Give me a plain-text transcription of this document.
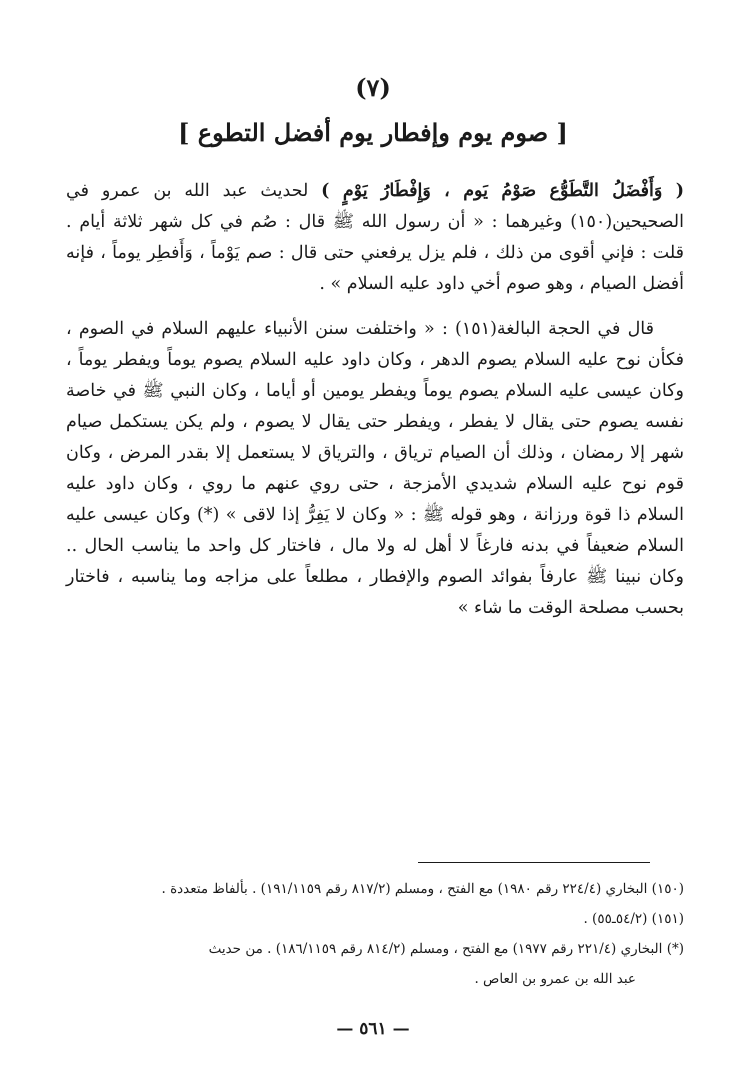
(٧)
[ صوم يوم وإفطار يوم أفضل التطوع ]

( وَأَفْضَلُ التَّطَوُّع صَوْمُ يَوم ، وَإِفْطَارُ يَوْمٍ ) لحديث عبد الله بن عمرو في الصحيحين(١٥٠) وغيرهما : « أن رسول الله ﷺ قال : صُم في كل شهر ثلاثة أيام . قلت : فإني أقوى من ذلك ، فلم يزل يرفعني حتى قال : صم يَوْماً ، وَأَفطِر يوماً ، فإنه أفضل الصيام ، وهو صوم أخي داود عليه السلام » .

قال في الحجة البالغة(١٥١) : « واختلفت سنن الأنبياء عليهم السلام في الصوم ، فكأن نوح عليه السلام يصوم الدهر ، وكان داود عليه السلام يصوم يوماً ويفطر يوماً ، وكان عيسى عليه السلام يصوم يوماً ويفطر يومين أو أياما ، وكان النبي ﷺ في خاصة نفسه يصوم حتى يقال لا يفطر ، ويفطر حتى يقال لا يصوم ، ولم يكن يستكمل صيام شهر إلا رمضان ، وذلك أن الصيام ترياق ، والترياق لا يستعمل إلا بقدر المرض ، وكان قوم نوح عليه السلام شديدي الأمزجة ، حتى روي عنهم ما روي ، وكان داود عليه السلام ذا قوة ورزانة ، وهو قوله ﷺ : « وكان لا يَفِرُّ إذا لاقى » (*) وكان عيسى عليه السلام ضعيفاً في بدنه فارغاً لا أهل له ولا مال ، فاختار كل واحد ما يناسب الحال .. وكان نبينا ﷺ عارفاً بفوائد الصوم والإفطار ، مطلعاً على مزاجه وما يناسبه ، فاختار بحسب مصلحة الوقت ما شاء »

(١٥٠) البخاري (٢٢٤/٤ رقم ١٩٨٠) مع الفتح ، ومسلم (٨١٧/٢ رقم ١٩١/١١٥٩) . بألفاظ متعددة .

(١٥١) (٥٤/٢ـ٥٥) .

(*) البخاري (٢٢١/٤ رقم ١٩٧٧) مع الفتح ، ومسلم (٨١٤/٢ رقم ١٨٦/١١٥٩) . من حديث

عبد الله بن عمرو بن العاص .

— ٥٦١ —
